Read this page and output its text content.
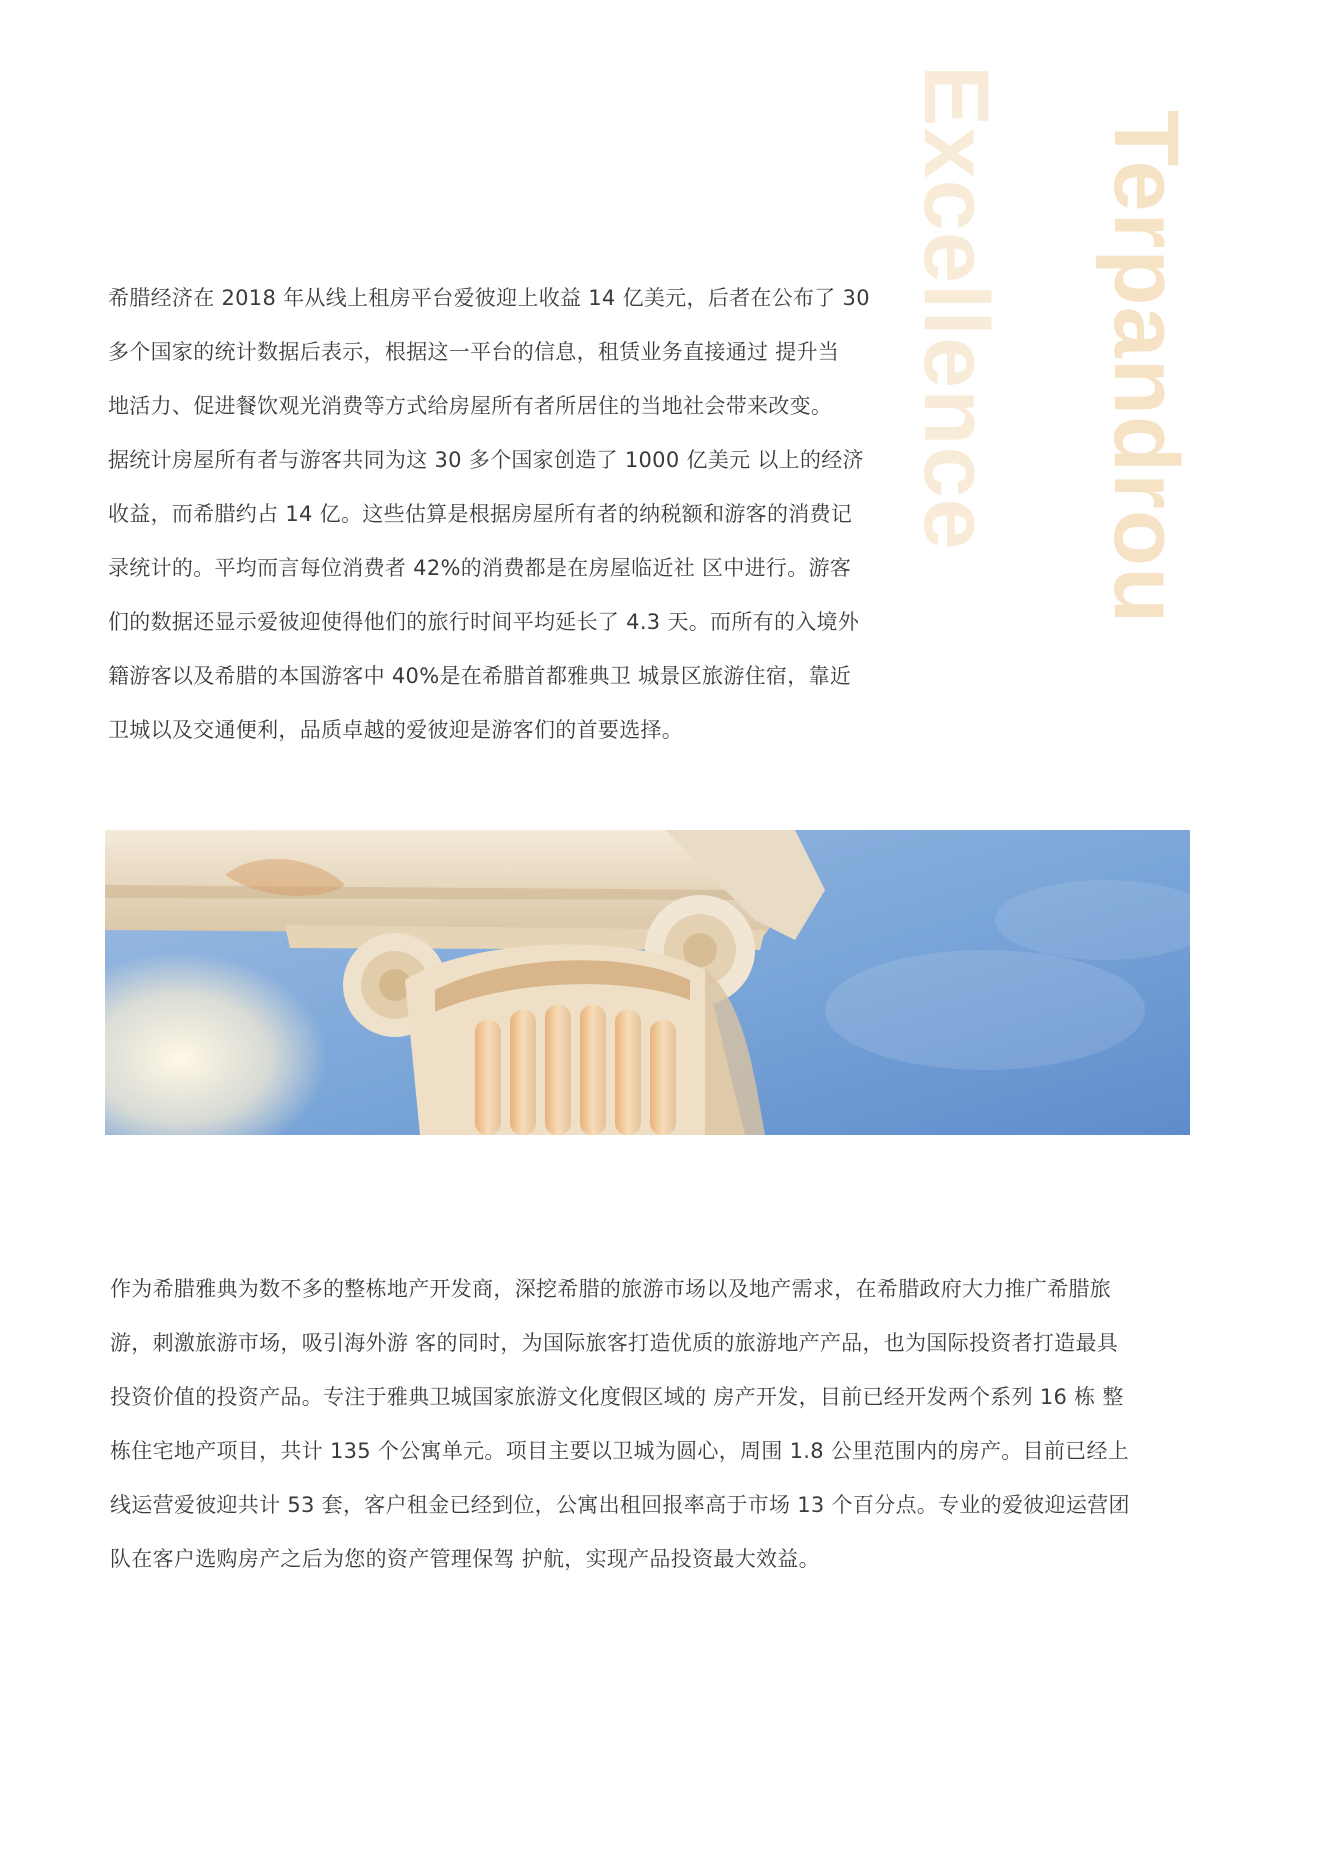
Excellence Terpandrou
希腊经济在 2018 年从线上租房平台爱彼迎上收益 14 亿美元，后者在公布了 30
多个国家的统计数据后表示，根据这一平台的信息，租赁业务直接通过 提升当
地活力、促进餐饮观光消费等方式给房屋所有者所居住的当地社会带来改变。
据统计房屋所有者与游客共同为这 30 多个国家创造了 1000 亿美元 以上的经济
收益，而希腊约占 14 亿。这些估算是根据房屋所有者的纳税额和游客的消费记
录统计的。平均而言每位消费者 42%的消费都是在房屋临近社 区中进行。游客
们的数据还显示爱彼迎使得他们的旅行时间平均延长了 4.3 天。而所有的入境外
籍游客以及希腊的本国游客中 40%是在希腊首都雅典卫 城景区旅游住宿，靠近
卫城以及交通便利，品质卓越的爱彼迎是游客们的首要选择。
作为希腊雅典为数不多的整栋地产开发商，深挖希腊的旅游市场以及地产需求，在希腊政府大力推广希腊旅
游，刺激旅游市场，吸引海外游 客的同时，为国际旅客打造优质的旅游地产产品，也为国际投资者打造最具
投资价值的投资产品。专注于雅典卫城国家旅游文化度假区域的 房产开发，目前已经开发两个系列 16 栋 整
栋住宅地产项目，共计 135 个公寓单元。项目主要以卫城为圆心，周围 1.8 公里范围内的房产。目前已经上
线运营爱彼迎共计 53 套，客户租金已经到位，公寓出租回报率高于市场 13 个百分点。专业的爱彼迎运营团
队在客户选购房产之后为您的资产管理保驾 护航，实现产品投资最大效益。
